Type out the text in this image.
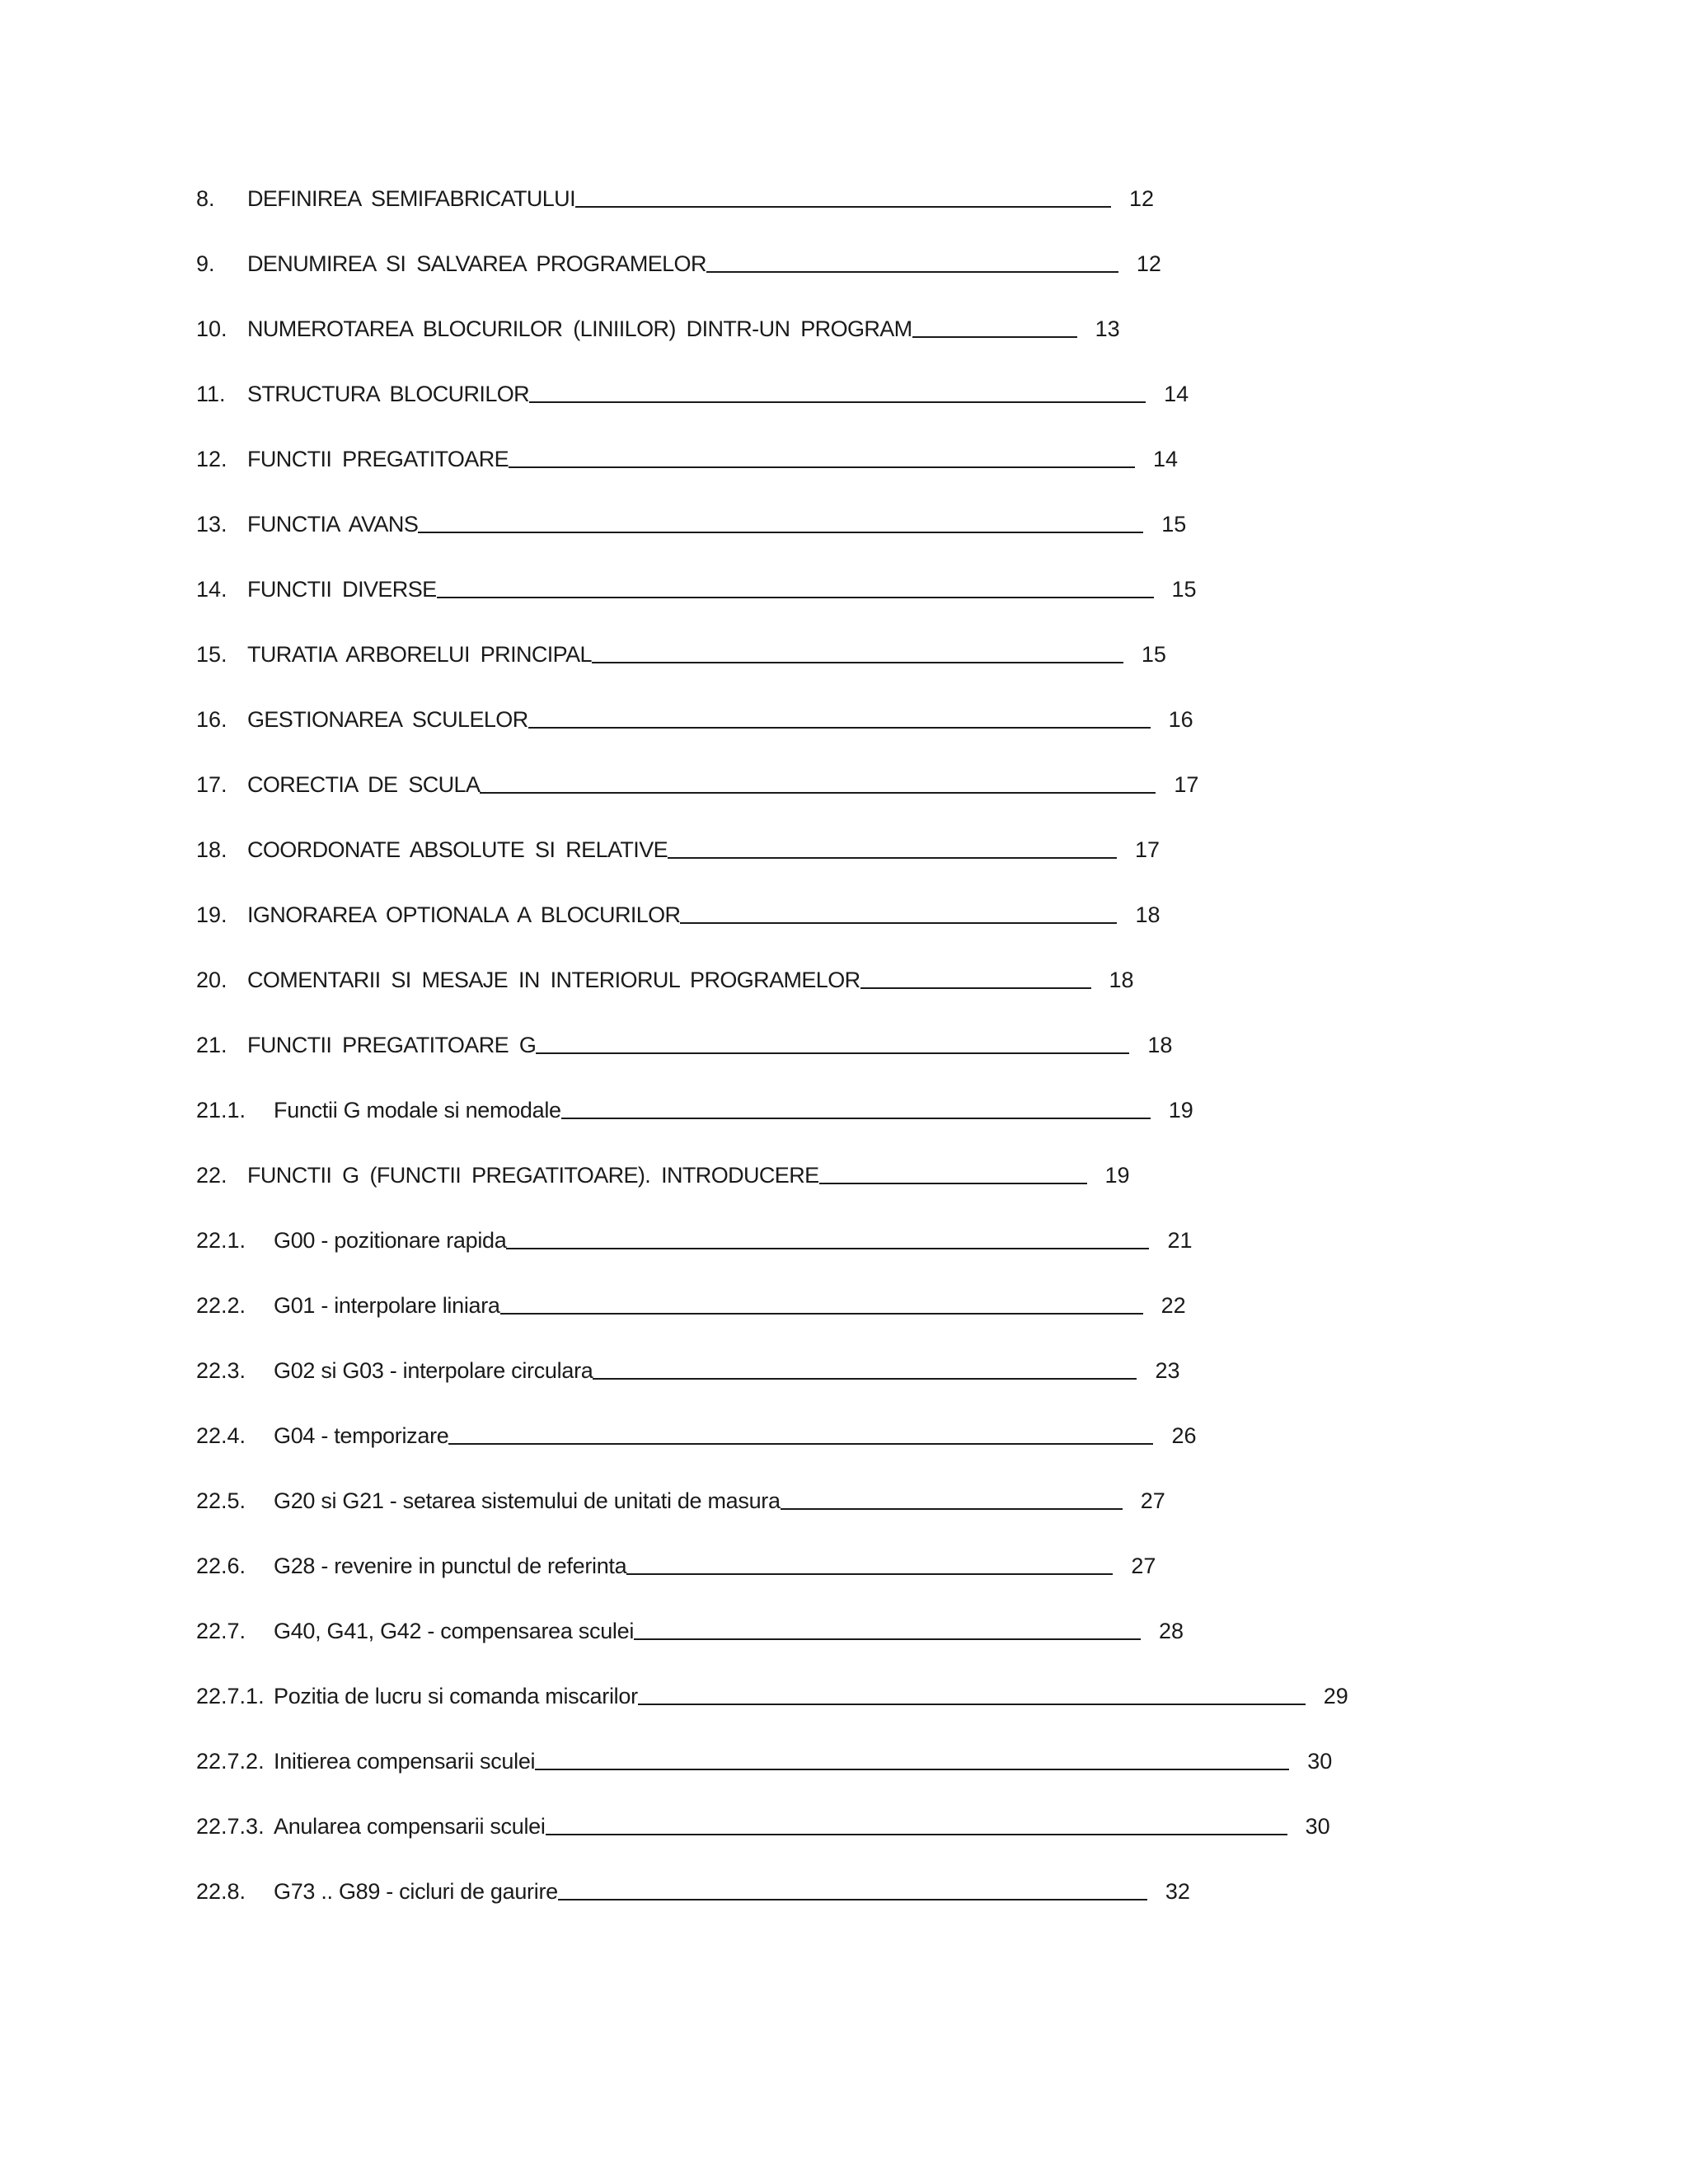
8.	DEFINIREA SEMIFABRICATULUI	12
9.	DENUMIREA SI SALVAREA PROGRAMELOR	12
10. NUMEROTAREA BLOCURILOR (LINIILOR) DINTR-UN PROGRAM	13
11. STRUCTURA BLOCURILOR	14
12. FUNCTII PREGATITOARE	14
13. FUNCTIA AVANS	15
14. FUNCTII DIVERSE	15
15. TURATIA ARBORELUI PRINCIPAL	15
16. GESTIONAREA SCULELOR	16
17. CORECTIA DE SCULA	17
18. COORDONATE ABSOLUTE SI RELATIVE	17
19. IGNORAREA OPTIONALA A BLOCURILOR	18
20. COMENTARII SI MESAJE IN INTERIORUL PROGRAMELOR	18
21. FUNCTII PREGATITOARE G	18
21.1.	Functii G modale si nemodale	19
22. FUNCTII G (FUNCTII PREGATITOARE). INTRODUCERE	19
22.1.	G00 - pozitionare rapida	21
22.2.	G01 - interpolare liniara	22
22.3.	G02 si G03 - interpolare circulara	23
22.4.	G04 - temporizare	26
22.5.	G20 si G21 - setarea sistemului de unitati de masura	27
22.6.	G28 - revenire in punctul de referinta	27
22.7.	G40, G41, G42 - compensarea sculei	28
22.7.1. Pozitia de lucru si comanda miscarilor	29
22.7.2. Initierea compensarii sculei	30
22.7.3. Anularea compensarii sculei	30
22.8.	G73 .. G89 - cicluri de gaurire	32
